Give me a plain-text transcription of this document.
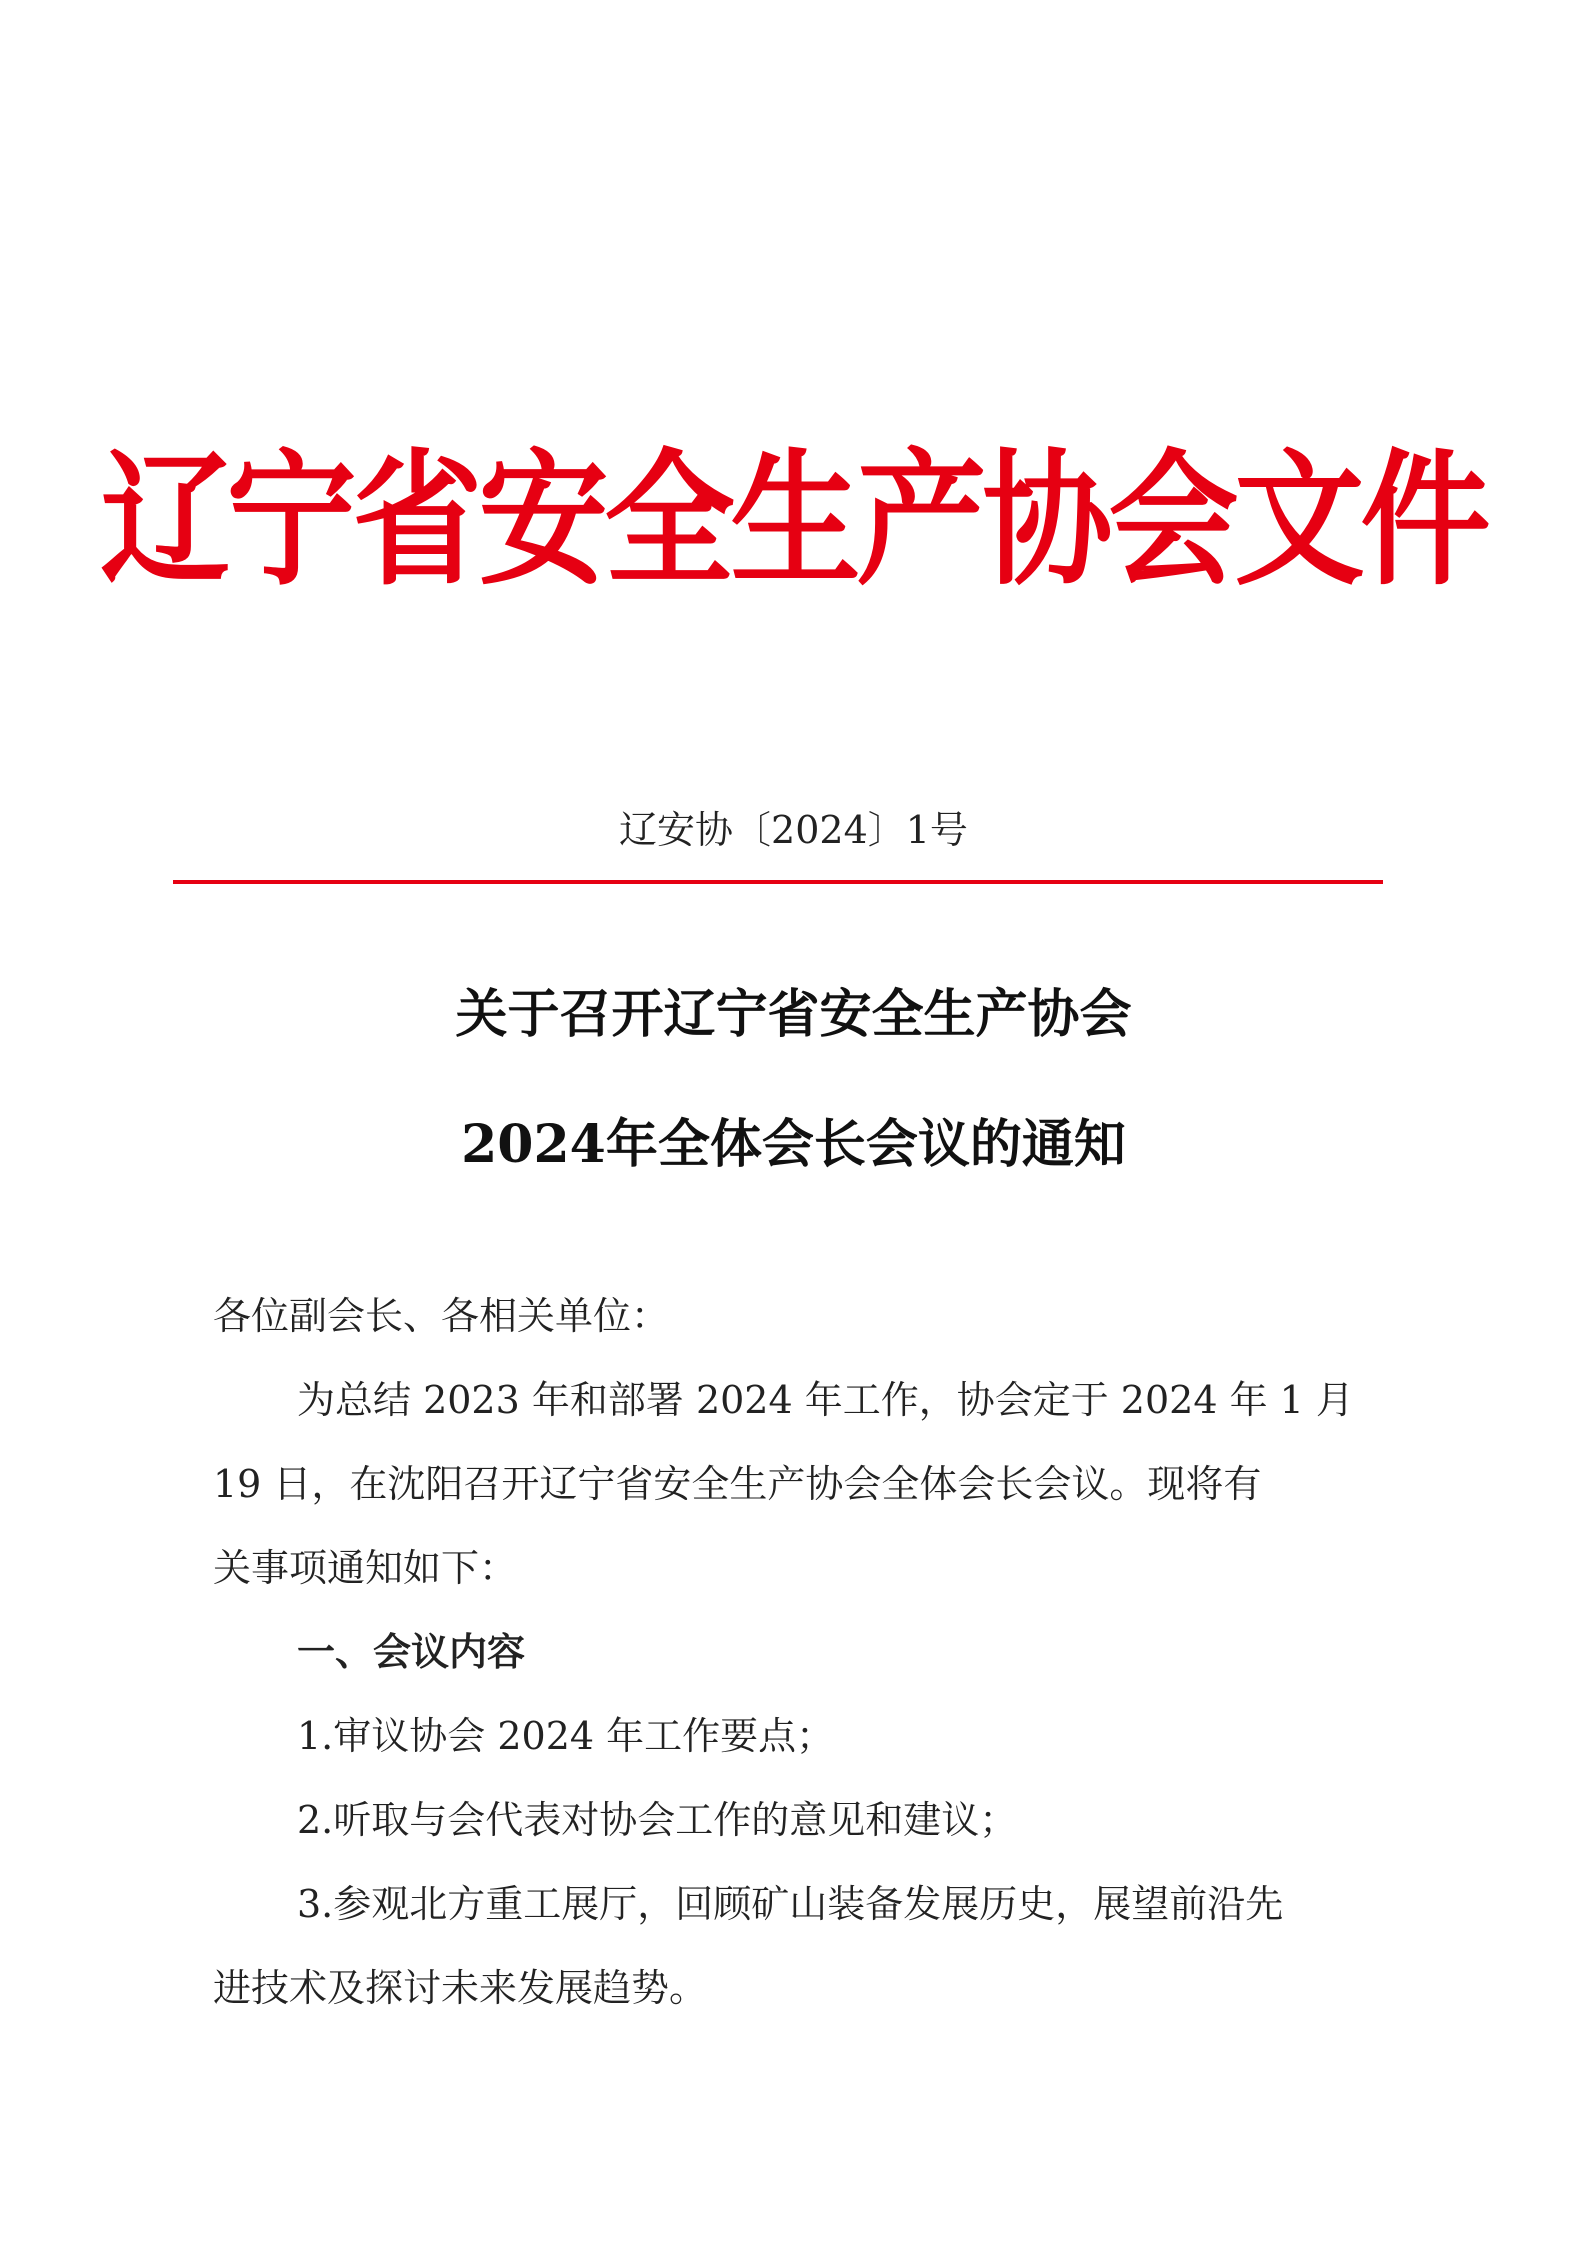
辽宁省安全生产协会文件
辽安协〔2024〕1号
关于召开辽宁省安全生产协会
2024年全体会长会议的通知
各位副会长、各相关单位：
为总结 2023 年和部署 2024 年工作，协会定于 2024 年 1 月
19 日，在沈阳召开辽宁省安全生产协会全体会长会议。现将有
关事项通知如下：
一、会议内容
1.审议协会 2024 年工作要点；
2.听取与会代表对协会工作的意见和建议；
3.参观北方重工展厅，回顾矿山装备发展历史，展望前沿先
进技术及探讨未来发展趋势。
